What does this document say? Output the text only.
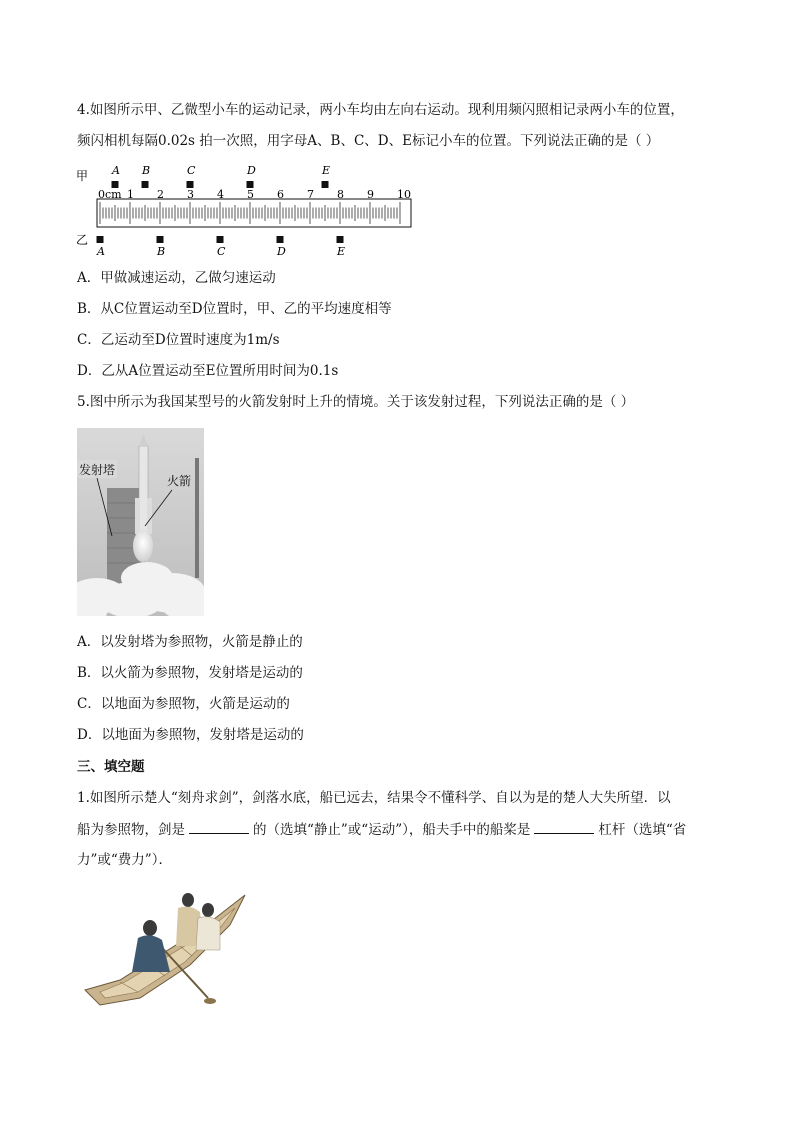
4.如图所示甲、乙微型小车的运动记录，两小车均由左向右运动。现利用频闪照相记录两小车的位置，
频闪相机每隔0.02s 拍一次照，用字母A、B、C、D、E标记小车的位置。下列说法正确的是（ ）
甲
乙
A B	C	D	E
A	B	C	D	E
0cm 1 2 3 4 5 6 7 8 9 10
A．甲做减速运动，乙做匀速运动
B．从C位置运动至D位置时，甲、乙的平均速度相等
C．乙运动至D位置时速度为1m/s
D．乙从A位置运动至E位置所用时间为0.1s
5.图中所示为我国某型号的火箭发射时上升的情境。关于该发射过程，下列说法正确的是（ ）
发射塔
火箭
A．以发射塔为参照物，火箭是静止的
B．以火箭为参照物，发射塔是运动的
C．以地面为参照物，火箭是运动的
D．以地面为参照物，发射塔是运动的
三、填空题
1.如图所示楚人“刻舟求剑”，剑落水底，船已远去，结果令不懂科学、自以为是的楚人大失所望．以
船为参照物，剑是	的（选填“静止”或“运动”），船夫手中的船桨是	杠杆（选填“省
力”或“费力”）．
